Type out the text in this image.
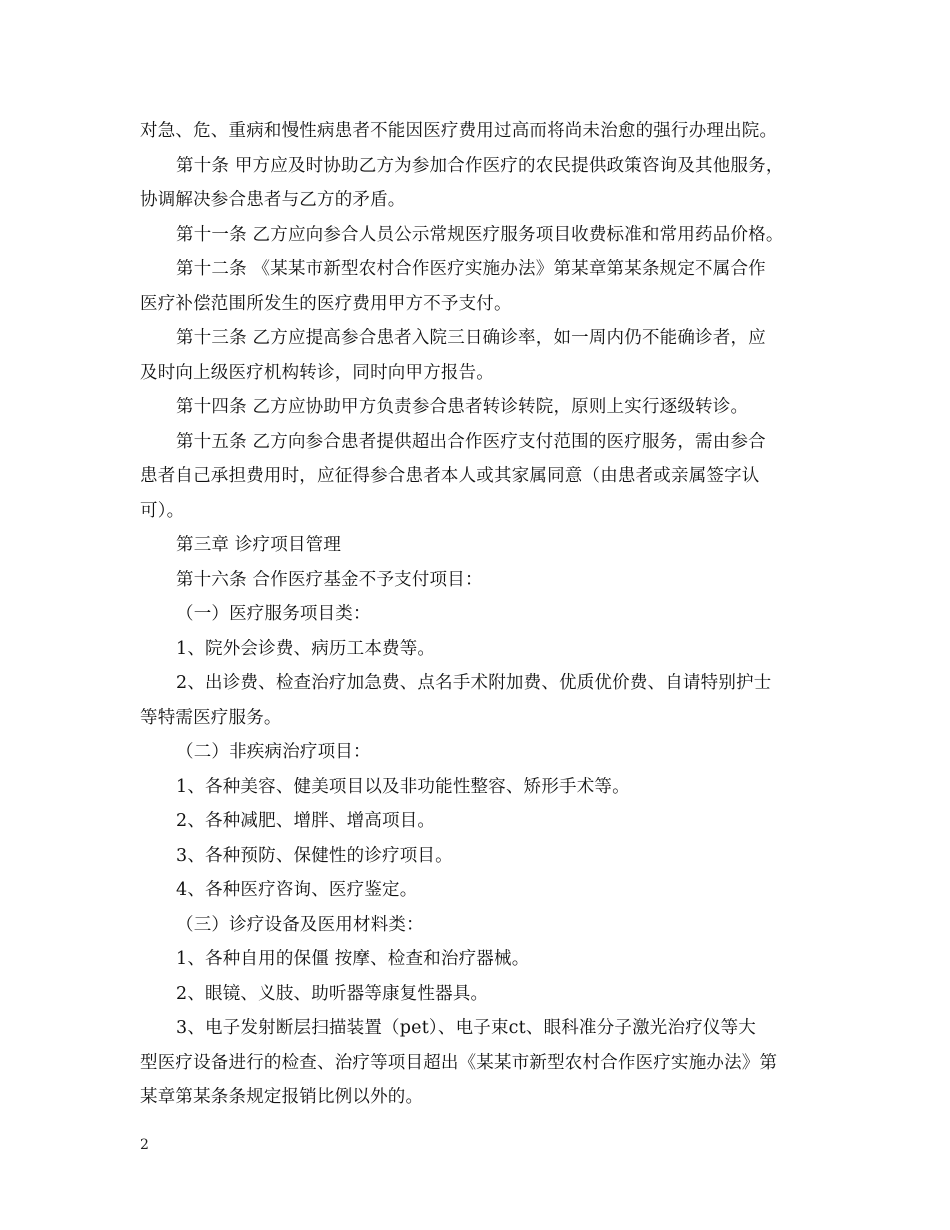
对急、危、重病和慢性病患者不能因医疗费用过高而将尚未治愈的强行办理出院。
第十条 甲方应及时协助乙方为参加合作医疗的农民提供政策咨询及其他服务，
协调解决参合患者与乙方的矛盾。
第十一条 乙方应向参合人员公示常规医疗服务项目收费标准和常用药品价格。
第十二条 《某某市新型农村合作医疗实施办法》第某章第某条规定不属合作
医疗补偿范围所发生的医疗费用甲方不予支付。
第十三条 乙方应提高参合患者入院三日确诊率，如一周内仍不能确诊者，应
及时向上级医疗机构转诊，同时向甲方报告。
第十四条 乙方应协助甲方负责参合患者转诊转院，原则上实行逐级转诊。
第十五条 乙方向参合患者提供超出合作医疗支付范围的医疗服务，需由参合
患者自己承担费用时，应征得参合患者本人或其家属同意（由患者或亲属签字认
可）。
第三章 诊疗项目管理
第十六条 合作医疗基金不予支付项目：
（一）医疗服务项目类：
1、院外会诊费、病历工本费等。
2、出诊费、检查治疗加急费、点名手术附加费、优质优价费、自请特别护士
等特需医疗服务。
（二）非疾病治疗项目：
1、各种美容、健美项目以及非功能性整容、矫形手术等。
2、各种减肥、增胖、增高项目。
3、各种预防、保健性的诊疗项目。
4、各种医疗咨询、医疗鉴定。
（三）诊疗设备及医用材料类：
1、各种自用的保僵 按摩、检查和治疗器械。
2、眼镜、义肢、助听器等康复性器具。
3、电子发射断层扫描装置（pet）、电子束ct、眼科准分子激光治疗仪等大
型医疗设备进行的检查、治疗等项目超出《某某市新型农村合作医疗实施办法》第
某章第某条条规定报销比例以外的。
2
